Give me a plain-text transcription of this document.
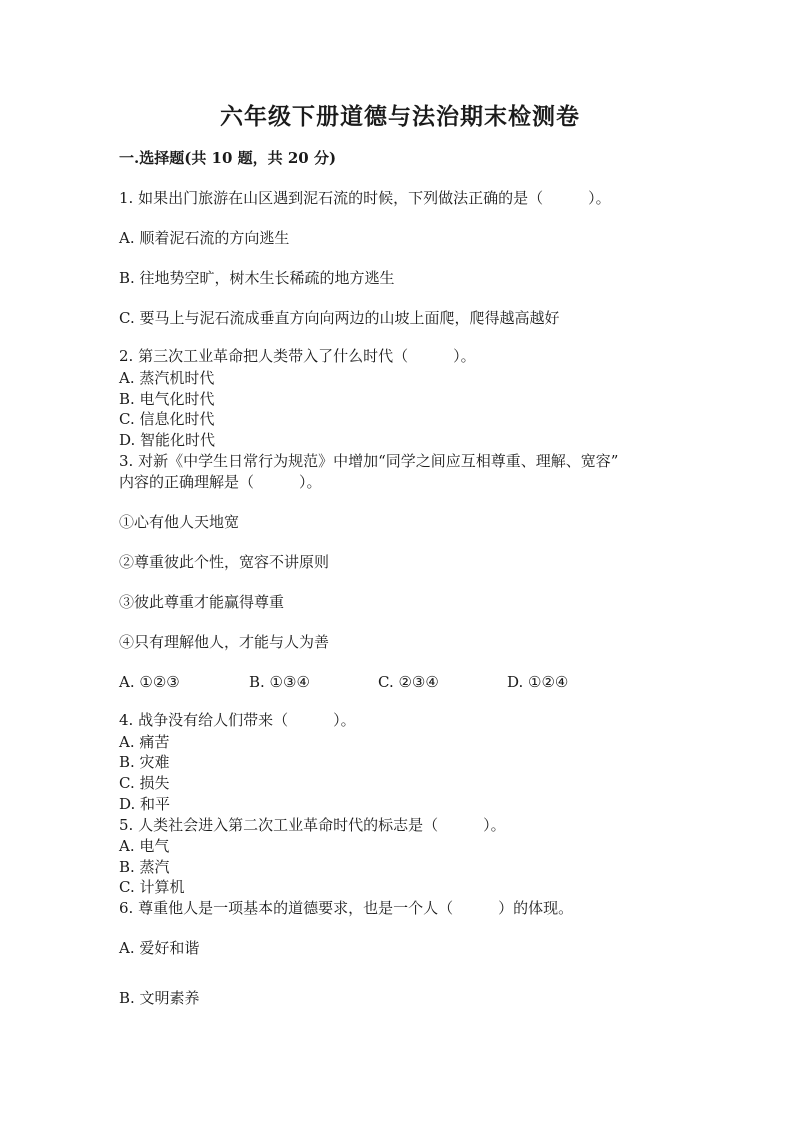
六年级下册道德与法治期末检测卷
一.选择题(共 10 题，共 20 分)
1. 如果出门旅游在山区遇到泥石流的时候，下列做法正确的是（　　　）。
A. 顺着泥石流的方向逃生
B. 往地势空旷，树木生长稀疏的地方逃生
C. 要马上与泥石流成垂直方向向两边的山坡上面爬，爬得越高越好
2. 第三次工业革命把人类带入了什么时代（　　　）。
A. 蒸汽机时代
B. 电气化时代
C. 信息化时代
D. 智能化时代
3. 对新《中学生日常行为规范》中增加“同学之间应互相尊重、理解、宽容”
内容的正确理解是（　　　）。
①心有他人天地宽
②尊重彼此个性，宽容不讲原则
③彼此尊重才能赢得尊重
④只有理解他人，才能与人为善
A. ①②③	B. ①③④	C. ②③④	D. ①②④
4. 战争没有给人们带来（　　　）。
A. 痛苦
B. 灾难
C. 损失
D. 和平
5. 人类社会进入第二次工业革命时代的标志是（　　　）。
A. 电气
B. 蒸汽
C. 计算机
6. 尊重他人是一项基本的道德要求，也是一个人（　　　）的体现。
A. 爱好和谐
B. 文明素养
